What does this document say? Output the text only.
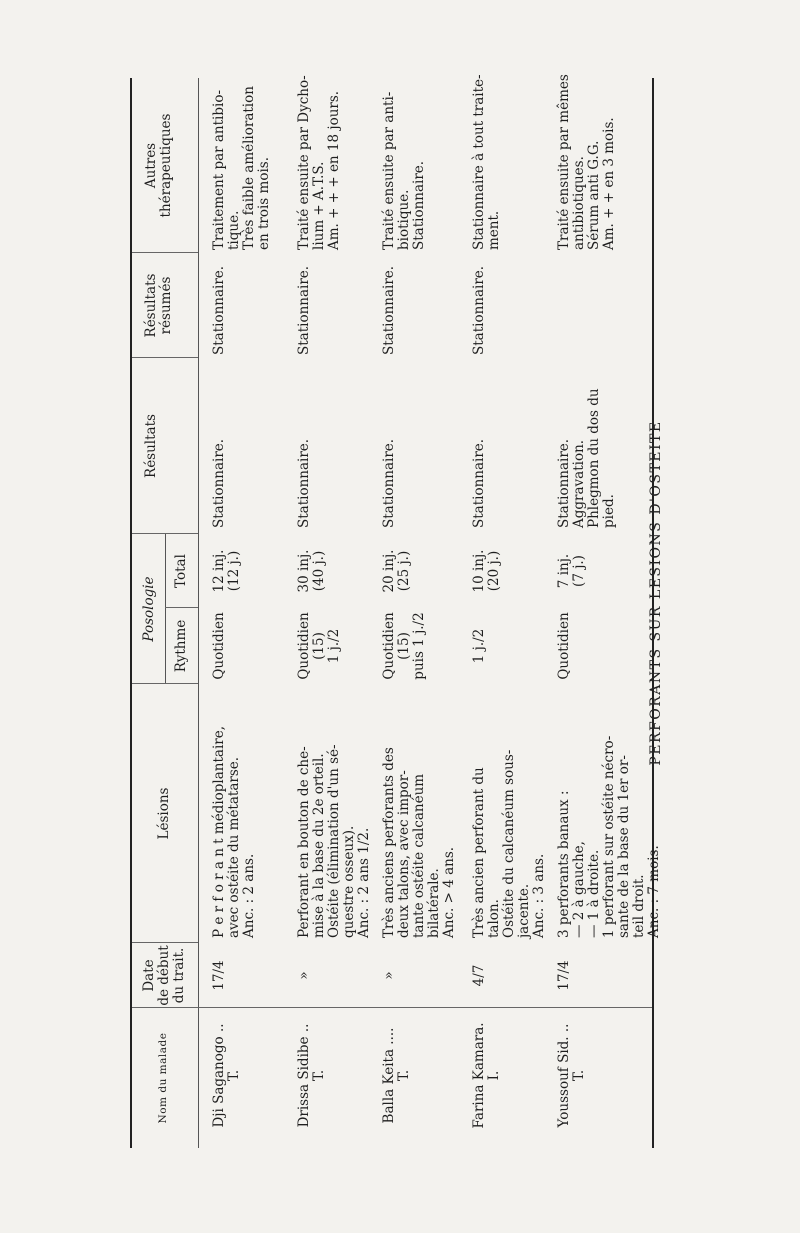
PERFORANTS SUR LESIONS D'OSTEITE
Nom du malade
Date de début du trait.
Lésions
Posologie
Rythme
Total
Résultats
Résultats résumés
Autres thérapeutiques
Dji Saganogo .. T.
17/4
P e r f o r a n t médioplantaire, avec ostéite du métatarse. Anc. : 2 ans.
Quotidien
12 inj. (12 j.)
Stationnaire.
Stationnaire.
Traitement par antibio- tique. Très faible amélioration en trois mois.
Drissa Sidibe .. T.
»
Perforant en bouton de che- mise à la base du 2e orteil. Ostéite (élimination d'un sé- questre osseux). Anc. : 2 ans 1/2.
Quotidien (15) 1 j./2
30 inj. (40 j.)
Stationnaire.
Stationnaire.
Traité ensuite par Dycho- lium + A.T.S. Am. + + + en 18 jours.
Balla Keita .... T.
»
Très anciens perforants des deux talons, avec impor- tante ostéite calcanéum bilatérale. Anc. > 4 ans.
Quotidien (15) puis 1 j./2
20 inj. (25 j.)
Stationnaire.
Stationnaire.
Traité ensuite par anti- biotique. Stationnaire.
Farina Kamara. I.
4/7
Très ancien perforant du talon. Ostéite du calcanéum sous- jacente. Anc. : 3 ans.
1 j./2
10 inj. (20 j.)
Stationnaire.
Stationnaire.
Stationnaire à tout traite- ment.
Youssouf Sid. .. T.
17/4
3 perforants banaux : — 2 à gauche, — 1 à droite. 1 perforant sur ostéite nécro- sante de la base du 1er or- teil droit. Anc. : 7 mois.
Quotidien
7 inj. (7 j.)
Stationnaire. Aggravation. Phlegmon du dos du pied.
Traité ensuite par mêmes antibiotiques. Sérum anti G.G. Am. + + en 3 mois.
